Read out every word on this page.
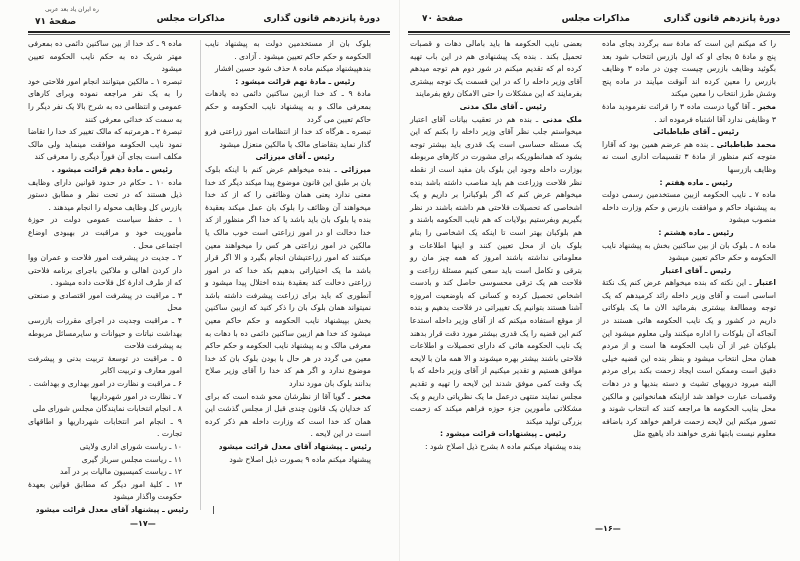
دورهٔ پانزدهم قانون گذاری
مذاکرات مجلس
صفحهٔ ۷۱
ره ایران یاد بعد عربی

بلوک بان از مستخدمین دولت به پیشنهاد نایب الحکومه و حکم حاکم تعیین میشود . آزادی .

بندهپیشنهاد میکنم ماده ۸ حذف شود حسین افشار

رئیس ـ مادهٔ نهم قرائت میشود :

مادهٔ ۹ ـ کد خدا ازبین ساکنین دائمی ده یادهات بمعرفی مالک و به پیشنهاد نایب الحکومه و حکم حاکم تعیین می گردد

تبصره ـ هرگاه کد خدا از انتظامات امور زراعتی فرو گذار نماید بتقاضای مالک یا مالکین منعزل میشود

رئیس ـ آقای میرزائی

میرزائی ـ بنده میخواهم عرض کنم با اینکه بلوک بان بر طبق این قانون موضوع پیدا میکند دیگر کد خدا معنی ندارد یعنی همان وظائفی را که از کد خدا میخواهند آن وظائف را بلوک بان عمل میکند بعقیدهٔ بنده یا بلوک بان باید باشد یا کد خدا اگر منظور از کد خدا دخالت او در امور زراعتی است خوب مالک یا مالکین در امور زراعتی هر کس را میخواهند معین میکنند که امور زراعتیشان انجام بگیرد و الا اگر قرار باشد ما یک اختیاراتی بدهیم بکد خدا که در امور زراعتی دخالت کند بعقیدهٔ بنده اختلال پیدا میشود و آنطوری که باید برای زراعت پیشرفت داشته باشد نمیتواند همان بلوک بان را ذکر کنید که ازبین ساکنین بخش بپیشنهاد نایب الحکومه و حکم حاکم معین میشود کد خدا هم ازبین ساکنین دائمی ده با دهات به معرفی مالک و به پیشنهاد نایب الحکومه و حکم حاکم معین می گردد در هر حال با بودن بلوک بان کد خدا موضوع ندارد و اگر هم کد خدا را آقای وزیر صلاح بدانند بلوک بان مورد ندارد

مخبر ـ گویا آقا از نظرشان محو شده است که برای کد خدایان یک قانون چندی قبل از مجلس گذشت این همان کد خدا است که وزارت داخله هم ذکر کرده است در این لایحه .

رئیس ـ پیشنهاد آقای معدل قرائت میشود

پیشنهاد میکنم ماده ۹ بصورت ذیل اصلاح شود

ماده ۹ ـ کد خدا از بین ساکنین دائمی ده بمعرفی مهتر شریک ده به حکم نایب الحکومه تعیین میشود

تبصره ۱ ـ مالکین میتوانند انجام امور فلاحتی خود را به یک نفر مراجعه نموده وبرای کارهای عمومی و انتظامی ده به شرح بالا یک نفر دیگر را به سمت کد خدائی معرفی کنند

تبصرهٔ ۲ ـ هرمرتبه که مالک تغییر کد خدا را تقاضا نمود نایب الحکومه موافقت مینماید ولی مالک مکلف است بجای آن فوراً دیگری را معرفی کند

رئیس ـ مادهٔ دهم قرائت میشود .

ماده ۱۰ ـ حکام در حدود قوانین دارای وظایف ذیل هستند که در تحت نظر و مطابق دستور بازرس کل وظایف محوله را انجام میدهند .

۱ ـ حفظ سیاست عمومی دولت در حوزهٔ مأموریت خود و مراقبت در بهبودی اوضاع اجتماعی محل .

۲ ـ جدیت در پیشرفت امور فلاحت و عمران ووا دار کردن اهالی و ملاکین باجرای برنامه فلاحتی که از طرف ادارهٔ کل فلاحت داده میشود .

۳ ـ مراقبت در پیشرفت امور اقتصادی و صنعتی محل

۴ ـ مراقبت وجدیت در اجرای مقررات بازرسی بهداشت نباتات و حیوانات و سایرمسائل مربوطه به پیشرفت فلاحت

۵ ـ مراقبت در توسعهٔ تربیت بدنی و پیشرفت امور معارف و تربیت اکابر

۶ ـ مراقبت و نظارت در امور بهداری و بهداشت .

۷ ـ نظارت در امور شهرداریها

۸ ـ انجام انتخابات نمایندگان مجلس شورای ملی

۹ ـ انجام امر انتخابات شهرداریها و اطاقهای تجارت .

۱۰ ـ ریاست شورای اداری ولایتی

۱۱ ـ ریاست مجلس سرباز گیری

۱۲ ـ ریاست کمیسیون مالیات بر در آمد

۱۳ ـ کلیهٔ امور دیگر که مطابق قوانین بعهدهٔ حکومت واگذار میشود

رئیس ـ پیشنهاد آقای معدل قرائت میشود

—۱۷—
دورهٔ پانزدهم قانون گذاری
مذاکرات مجلس
صفحهٔ ۷۰

را که میکنم این است که مادهٔ سه برگردد بجای ماده پنج و مادهٔ ۵ بجای او که اول بازرس انتخاب شود بعد بگوئید وظایف بازرس چیست چون در ماده ۳ وظایف بازرس را معین کرده اند آنوقت میآیند در ماده پنج وشش طرز انتخاب را معین میکند

مخبر ـ آقا گویا درست ماده ۳ را قرائت نفرمودید مادهٔ ۳ وظایفی ندارد آقا اشتباه فرموده اند .

رئیس ـ آقای طباطبائی

محمد طباطبائی ـ بنده هم عرضم همین بود که آقارا متوجه کنم منظور از مادهٔ ۳ تقسیمات اداری است نه وظایف بازرسها

رئیس ـ ماده هفتم :

ماده ۷ ـ نایب الحکومه ازبین مستخدمین رسمی دولت به پیشنهاد حاکم و موافقت بازرس و حکم وزارت داخله منصوب میشود

رئیس ـ ماده هشتم :

ماده ۸ ـ بلوک بان از بین ساکنین بخش به پیشنهاد نایب الحکومه و حکم حاکم تعیین میشود

رئیس ـ آقای اعتبار

اعتبار ـ این نکته که بنده میخواهم عرض کنم یک نکتهٔ اساسی است و آقای وزیر داخله رائد کرمیدهم که یک توجه ومطالعهٔ بیشتری بفرمائید الان ما یک بلوکاتی داریم در کشور و یک نایب الحکومه هائی هستند در آنجاکه آن بلوکات را اداره میکنند ولی معلوم میشود این بلوکبان غیر از آن نایب الحکومه ها است و از مردم همان محل انتخاب میشود و بنظر بنده این قضیه خیلی دقیق است وممکن است ایجاد زحمت بکند برای مردم البته میرود درویهای تشیث و دسته بندیها و در دهات وقصبات عبارت خواهد شد ازاینکه همانخوانین و مالکین محل بنایب الحکومه ها مراجعه کنند که انتخاب شوند و تصور میکنم این لایحه زحمت فراهم خواهد کرد باضافه معلوم نیست بابتها نفری خواهند داد یاهیچ مثل

بعضی نایب الحکومه ها باید بامالی دهات و قصبات تحمیل بکند . بنده یک پیشنهادی هم در این باب تهیه کرده ام که تقدیم میکنم در شور دوم هم توجه میدهم آقای وزیر داخله را که در این قسمت یک توجه بیشتری بفرمایند که این مشکلات را حتی الامکان رفع بفرمایند

رئیس ـ آقای ملک مدنی

ملک مدنی ـ بنده هم در تعقیب بیانات آقای اعتبار میخواستم جلب نظر آقای وزیر داخله را بکنم که این یک مسئله حساسی است یک قدری باید بیشتر توجه بشود که همانطوریکه برای مشورت در کارهای مربوطه بوزارت داخله وجود این بلوک بان مفید است از نقطه نظر فلاحت وزراعت هم باید مناصب داشته باشد بنده میخواهم عرض کنم که اگر بلوکبانرا بر داریم و یک اشخاصی که تحصیلات فلاحتی هم داشته باشند در نظر بگیریم وبفرستیم بولایات که هم نایب الحکومه باشند و هم بلوکبان بهتر است تا اینکه یک اشخاصی را بنام بلوک بان از محل تعیین کنند و اینها اطلاعات و معلوماتی نداشته باشند امروز که همه چیز مان رو بترقی و تکامل است باید سعی کنیم مسئلهٔ زراعت و فلاحت هم یک ترقی محسوسی حاصل کند و بادست اشخاص تحصیل کرده و کسانی که باوضعیت امروزه آشنا هستند بتوانیم یک تغییراتی در فلاحت بدهیم و بنده از موقع استفاده میکنم که از آقای وزیر داخله استدعا کنم این قضیه را یک قدری بیشتر مورد دقت قرار بدهند یک نایب الحکومه هائی که دارای تحصیلات و اطلاعات فلاحتی باشند بیشتر بهره میشوند و الا همه مان با لایحه موافق هستیم و تقدیر میکنیم از آقای وزیر داخله که با یک وقت کمی موفق شدند این لایحه را تهیه و تقدیم مجلس نمایند منتهی درعمل ما یک نظریاتی داریم و یک مشکلاتی مأمورین جزء حوزه فراهم میکند که زحمت بزرگی تولید میکند

رئیس ـ پیشنهادات قرائت میشود :

بنده پیشنهاد میکنم ماده ۸ بشرح ذیل اصلاح شود :

—۱۶—
